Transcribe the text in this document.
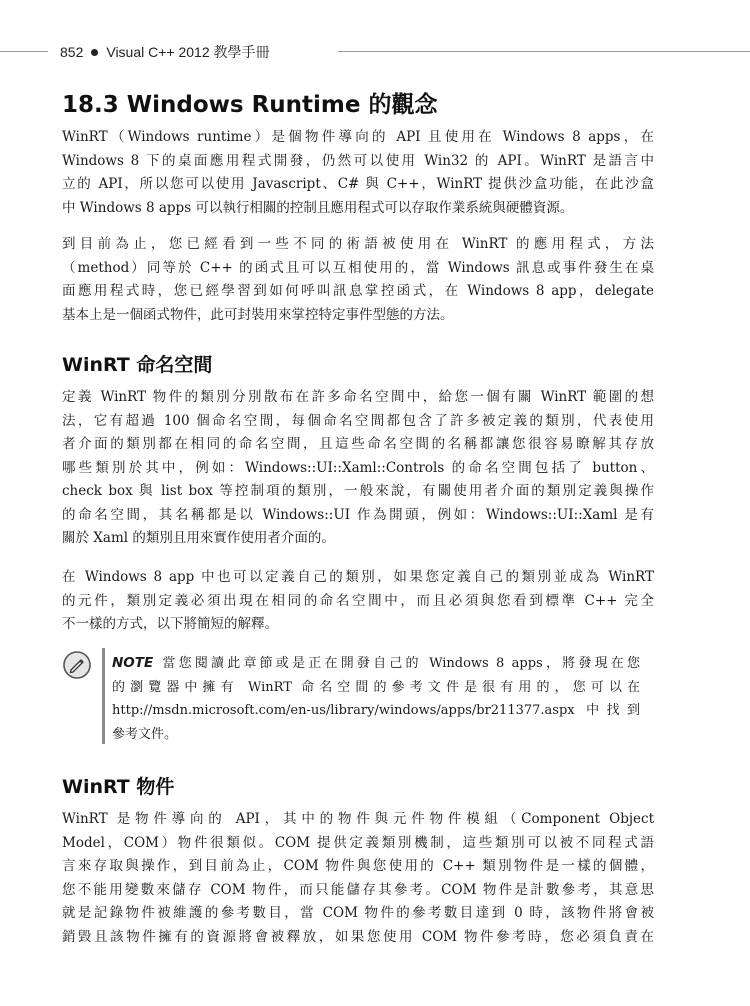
852 Visual C++ 2012 教學手冊
18.3 Windows Runtime 的觀念
WinRT（Windows runtime）是個物件導向的 API 且使用在 Windows 8 apps，在
Windows 8 下的桌面應用程式開發，仍然可以使用 Win32 的 API。WinRT 是語言中
立的 API，所以您可以使用 Javascript、C# 與 C++，WinRT 提供沙盒功能，在此沙盒
中 Windows 8 apps 可以執行相關的控制且應用程式可以存取作業系統與硬體資源。
到目前為止，您已經看到一些不同的術語被使用在 WinRT 的應用程式，方法
（method）同等於 C++ 的函式且可以互相使用的，當 Windows 訊息或事件發生在桌
面應用程式時，您已經學習到如何呼叫訊息掌控函式，在 Windows 8 app，delegate
基本上是一個函式物件，此可封裝用來掌控特定事件型態的方法。
WinRT 命名空間
定義 WinRT 物件的類別分別散布在許多命名空間中，給您一個有關 WinRT 範圍的想
法，它有超過 100 個命名空間，每個命名空間都包含了許多被定義的類別，代表使用
者介面的類別都在相同的命名空間，且這些命名空間的名稱都讓您很容易瞭解其存放
哪些類別於其中，例如：Windows::UI::Xaml::Controls 的命名空間包括了 button、
check box 與 list box 等控制項的類別，一般來說，有關使用者介面的類別定義與操作
的命名空間，其名稱都是以 Windows::UI 作為開頭，例如：Windows::UI::Xaml 是有
關於 Xaml 的類別且用來實作使用者介面的。
在 Windows 8 app 中也可以定義自己的類別，如果您定義自己的類別並成為 WinRT
的元件，類別定義必須出現在相同的命名空間中，而且必須與您看到標準 C++ 完全
不一樣的方式，以下將簡短的解釋。
NOTE 當您閱讀此章節或是正在開發自己的 Windows 8 apps，將發現在您
的瀏覽器中擁有 WinRT 命名空間的參考文件是很有用的，您可以在
http://msdn.microsoft.com/en-us/library/windows/apps/br211377.aspx 中找到
參考文件。
WinRT 物件
WinRT 是物件導向的 API，其中的物件與元件物件模組（Component Object
Model，COM）物件很類似。COM 提供定義類別機制，這些類別可以被不同程式語
言來存取與操作，到目前為止，COM 物件與您使用的 C++ 類別物件是一樣的個體，
您不能用變數來儲存 COM 物件，而只能儲存其參考。COM 物件是計數參考，其意思
就是記錄物件被維護的參考數目，當 COM 物件的參考數目達到 0 時，該物件將會被
銷毀且該物件擁有的資源將會被釋放，如果您使用 COM 物件參考時，您必須負責在
